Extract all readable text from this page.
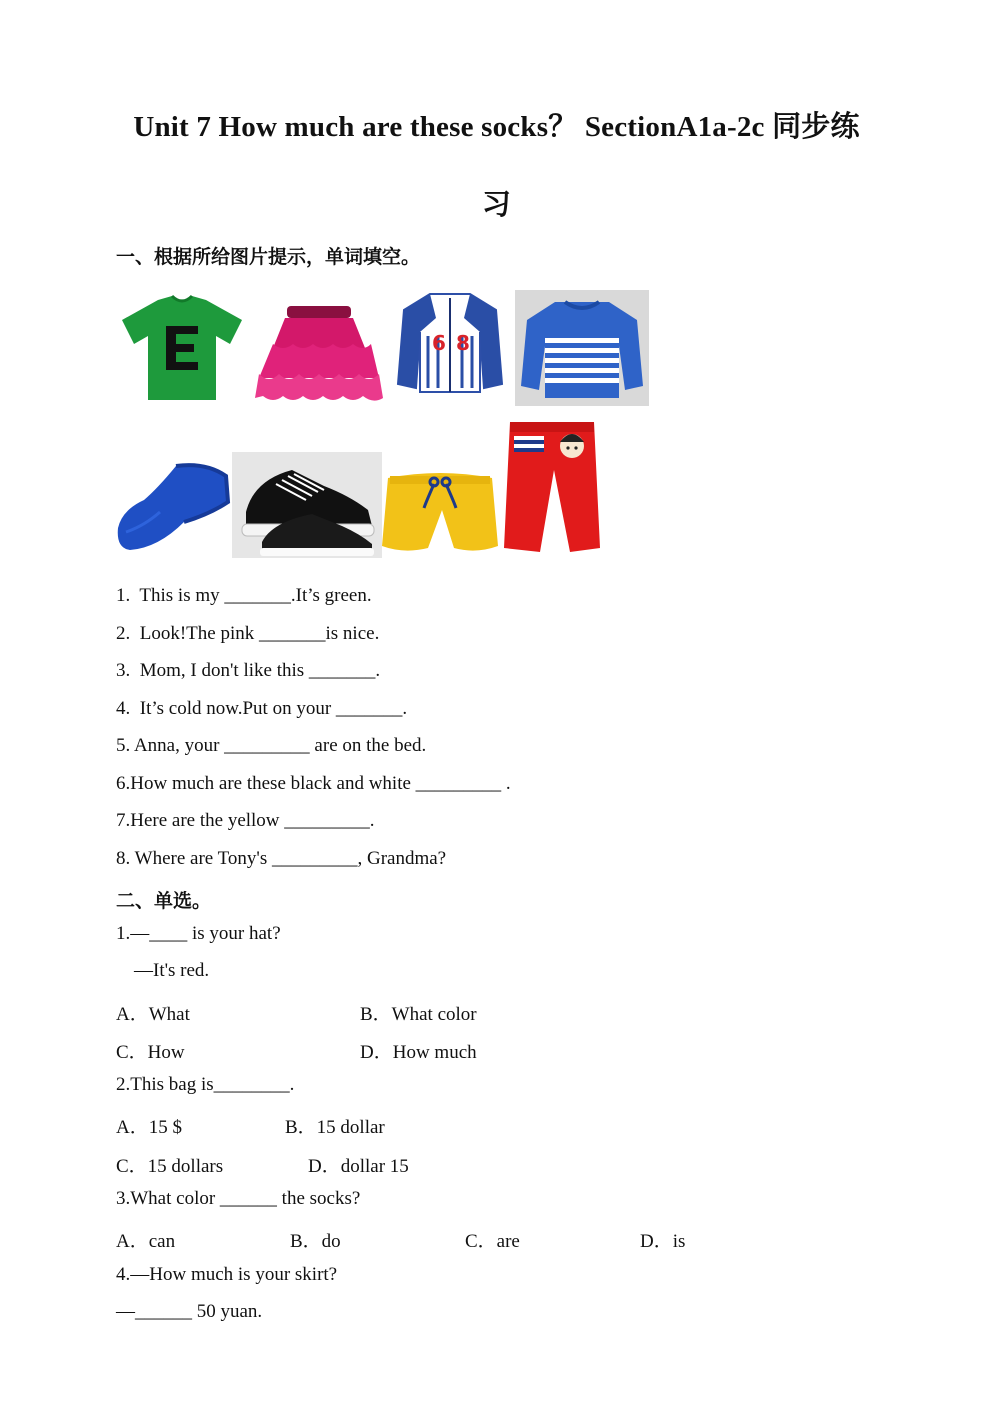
Unit 7 How much are these socks？ SectionA1a-2c 同步练
习
一、根据所给图片提示，单词填空。
6 8
1.  This is my _______.It’s green.
2.  Look!The pink _______is nice.
3.  Mom, I don't like this _______.
4.  It’s cold now.Put on your _______.
5. Anna, your _________ are on the bed.
6.How much are these black and white _________ .
7.Here are the yellow _________.
8. Where are Tony's _________, Grandma?
二、单选。
1.—____ is your hat?
—It's red.
A．What	B．What color
C．How	D．How much
2.This bag is________.
A．15 $	B．15 dollar
C．15 dollars	D．dollar 15
3.What color ______ the socks?
A．can	B．do	C．are	D．is
4.—How much is your skirt?
—______ 50 yuan.
